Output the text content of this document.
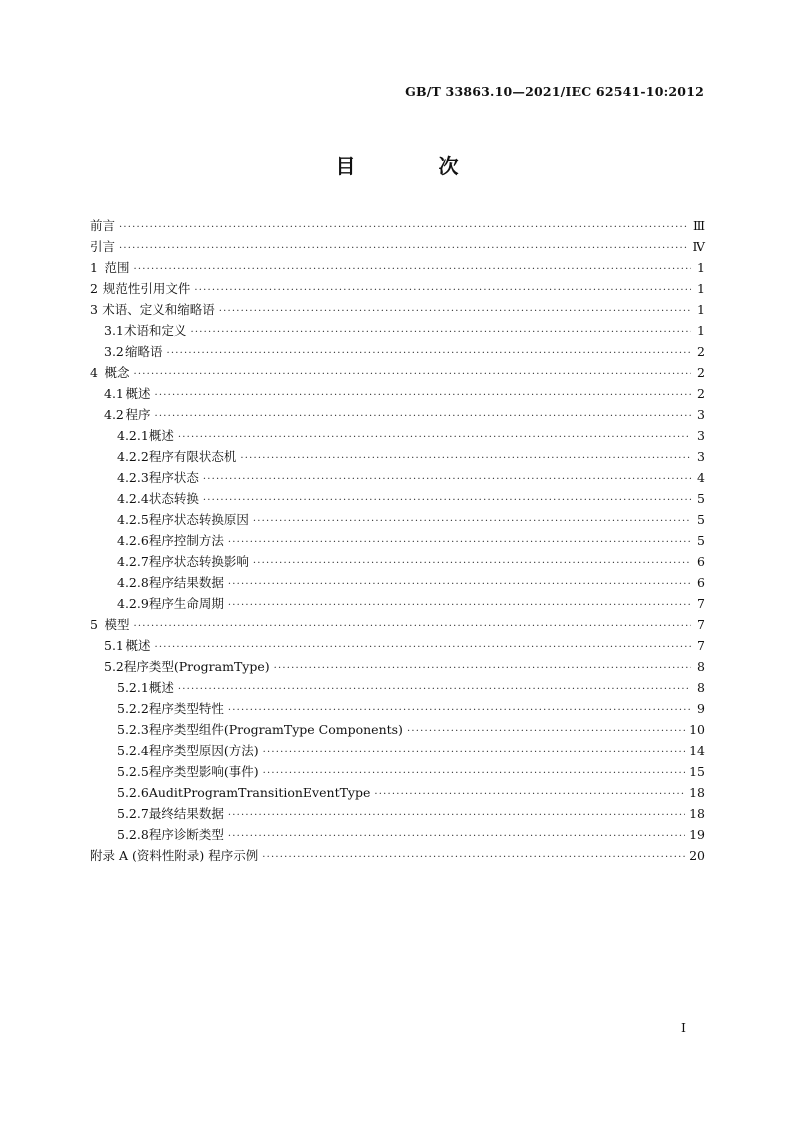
GB/T 33863.10—2021/IEC 62541-10:2012
目 次
前言 ·····	Ⅲ
引言 ·····	Ⅳ
1 范围 ·····	1
2 规范性引用文件 ·····	1
3 术语、定义和缩略语 ·····	1
3.1 术语和定义 ·····	1
3.2 缩略语 ·····	2
4 概念 ·····	2
4.1 概述 ·····	2
4.2 程序 ·····	3
4.2.1 概述 ·····	3
4.2.2 程序有限状态机 ·····	3
4.2.3 程序状态 ·····	4
4.2.4 状态转换 ·····	5
4.2.5 程序状态转换原因 ·····	5
4.2.6 程序控制方法 ·····	5
4.2.7 程序状态转换影响 ·····	6
4.2.8 程序结果数据 ·····	6
4.2.9 程序生命周期 ·····	7
5 模型 ·····	7
5.1 概述 ·····	7
5.2 程序类型(ProgramType) ·····	8
5.2.1 概述 ·····	8
5.2.2 程序类型特性 ·····	9
5.2.3 程序类型组件(ProgramType Components) ·····	10
5.2.4 程序类型原因(方法) ·····	14
5.2.5 程序类型影响(事件) ·····	15
5.2.6 AuditProgramTransitionEventType ·····	18
5.2.7 最终结果数据 ·····	18
5.2.8 程序诊断类型 ·····	19
附录 A (资料性附录) 程序示例 ·····	20
I
